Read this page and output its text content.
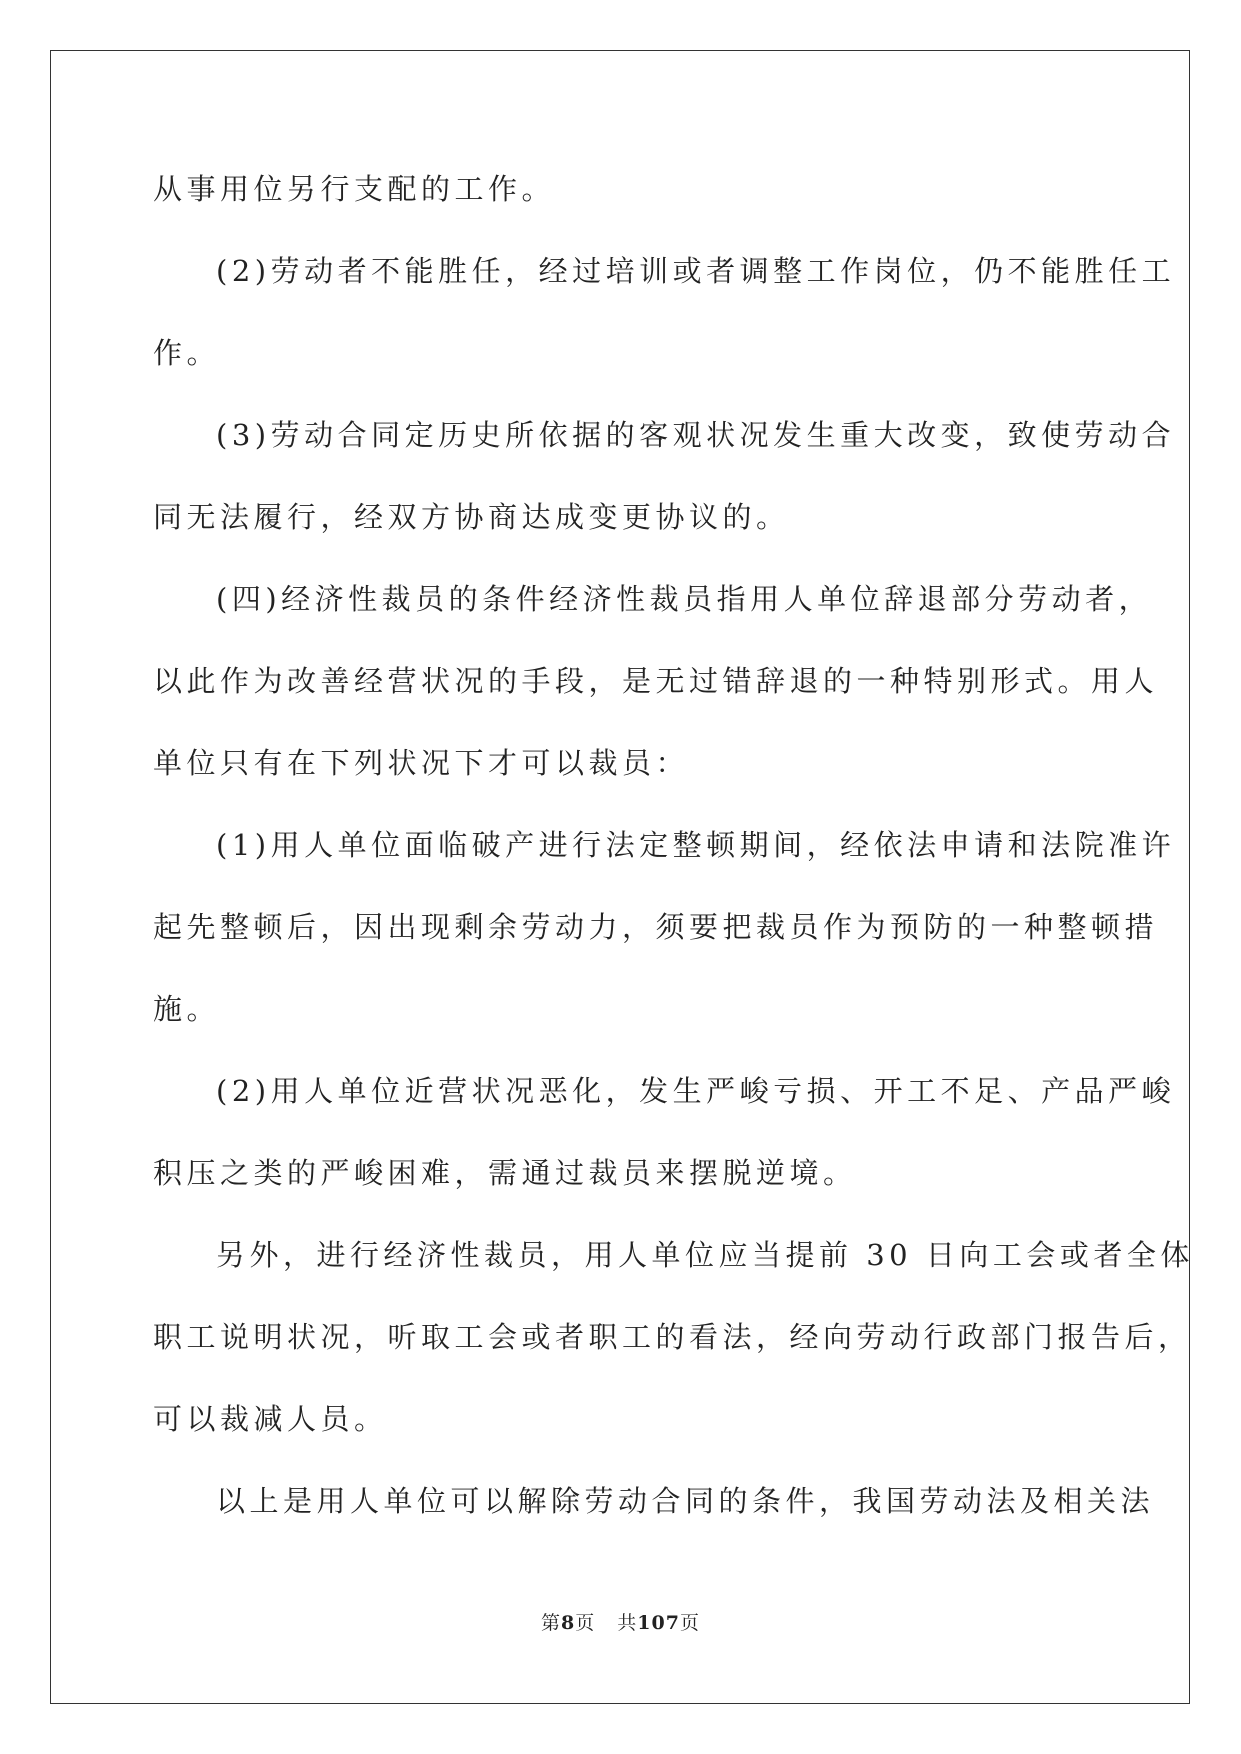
从事用位另行支配的工作。
(2)劳动者不能胜任，经过培训或者调整工作岗位，仍不能胜任工
作。
(3)劳动合同定历史所依据的客观状况发生重大改变，致使劳动合
同无法履行，经双方协商达成变更协议的。
(四)经济性裁员的条件经济性裁员指用人单位辞退部分劳动者，
以此作为改善经营状况的手段，是无过错辞退的一种特别形式。用人
单位只有在下列状况下才可以裁员：
(1)用人单位面临破产进行法定整顿期间，经依法申请和法院准许
起先整顿后，因出现剩余劳动力，须要把裁员作为预防的一种整顿措
施。
(2)用人单位近营状况恶化，发生严峻亏损、开工不足、产品严峻
积压之类的严峻困难，需通过裁员来摆脱逆境。
另外，进行经济性裁员，用人单位应当提前 30 日向工会或者全体
职工说明状况，听取工会或者职工的看法，经向劳动行政部门报告后，
可以裁减人员。
以上是用人单位可以解除劳动合同的条件，我国劳动法及相关法
第8页 共107页
